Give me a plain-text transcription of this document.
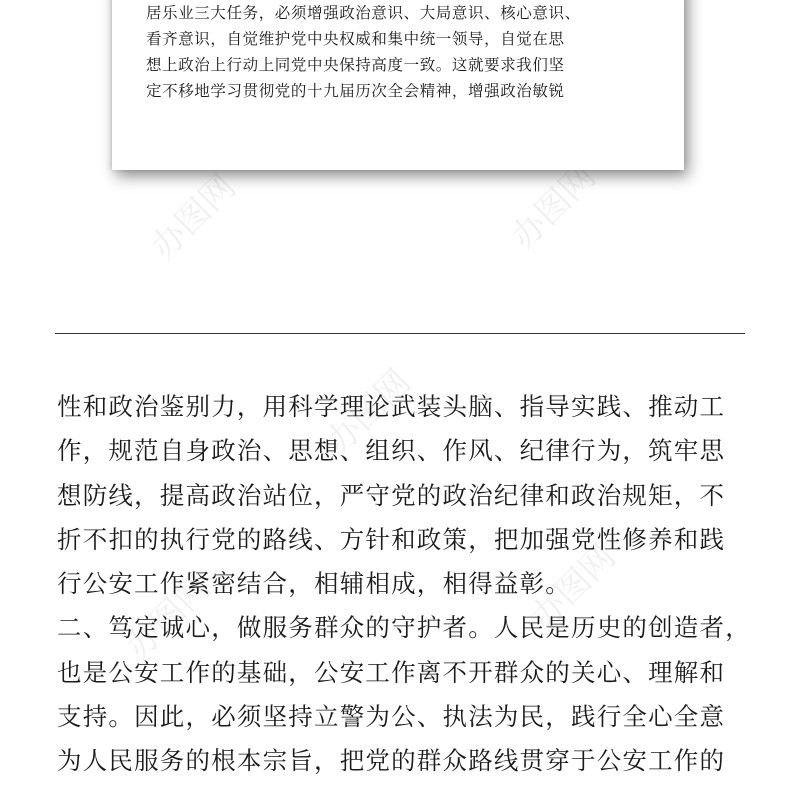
办图网	办图网
办图网
办图网	办图网
居乐业三大任务，必须增强政治意识、大局意识、核心意识、
看齐意识，自觉维护党中央权威和集中统一领导，自觉在思
想上政治上行动上同党中央保持高度一致。这就要求我们坚
定不移地学习贯彻党的十九届历次全会精神，增强政治敏锐
性和政治鉴别力，用科学理论武装头脑、指导实践、推动工
作，规范自身政治、思想、组织、作风、纪律行为，筑牢思
想防线，提高政治站位，严守党的政治纪律和政治规矩，不
折不扣的执行党的路线、方针和政策，把加强党性修养和践
行公安工作紧密结合，相辅相成，相得益彰。
二、笃定诚心，做服务群众的守护者。人民是历史的创造者，
也是公安工作的基础，公安工作离不开群众的关心、理解和
支持。因此，必须坚持立警为公、执法为民，践行全心全意
为人民服务的根本宗旨，把党的群众路线贯穿于公安工作的
